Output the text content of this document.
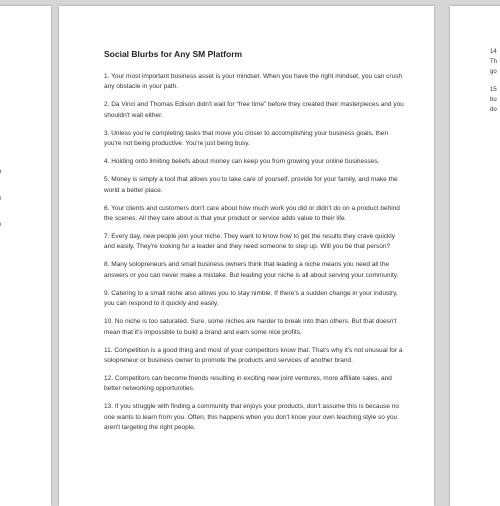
Social Blurbs for Any SM Platform

1. Your most important business asset is your mindset. When you have the right mindset, you can crush any obstacle in your path.

2. Da Vinci and Thomas Edison didn't wait for “free time” before they created their masterpieces and you shouldn't wait either.

3. Unless you're completing tasks that move you closer to accomplishing your business goals, then you're not being productive. You're just being busy.

4. Holding onto limiting beliefs about money can keep you from growing your online businesses.

5. Money is simply a tool that allows you to take care of yourself, provide for your family, and make the world a better place.

6. Your clients and customers don't care about how much work you did or didn't do on a product behind the scenes. All they care about is that your product or service adds value to their life.

7. Every day, new people join your niche. They want to know how to get the results they crave quickly and easily. They're looking for a leader and they need someone to step up. Will you be that person?

8. Many solopreneurs and small business owners think that leading a niche means you need all the answers or you can never make a mistake. But leading your niche is all about serving your community.

9. Catering to a small niche also allows you to stay nimble. If there's a sudden change in your industry, you can respond to it quickly and easily.

10. No niche is too saturated. Sure, some niches are harder to break into than others. But that doesn't mean that it's impossible to build a brand and earn some nice profits.

11. Competition is a good thing and most of your competitors know that. That's why it's not unusual for a solopreneur or business owner to promote the products and services of another brand.

12. Competitors can become friends resulting in exciting new joint ventures, more affiliate sales, and better networking opportunities.

13. If you struggle with finding a community that enjoys your products, don't assume this is because no one wants to learn from you. Often, this happens when you don't know your own teaching style so you aren't targeting the right people.

14
Th
go
15
bu
do
